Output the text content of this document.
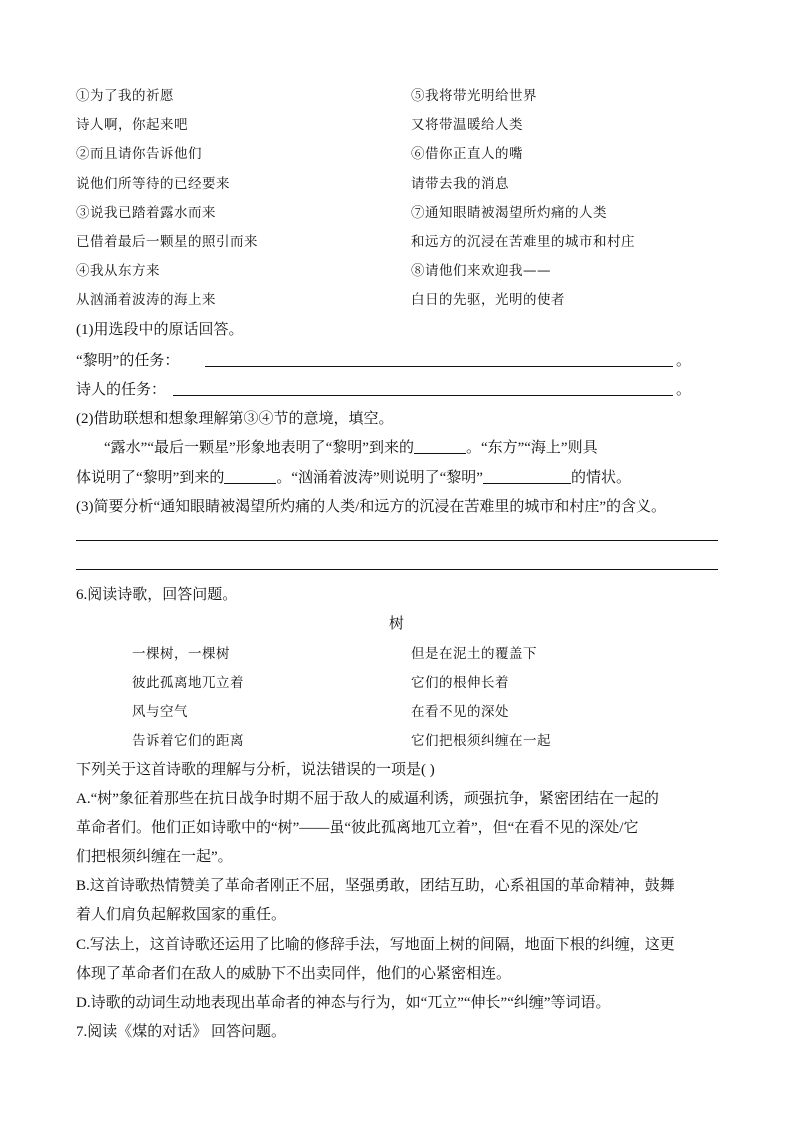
①为了我的祈愿
诗人啊，你起来吧
②而且请你告诉他们
说他们所等待的已经要来
③说我已踏着露水而来
已借着最后一颗星的照引而来
④我从东方来
从汹涌着波涛的海上来
⑤我将带光明给世界
又将带温暖给人类
⑥借你正直人的嘴
请带去我的消息
⑦通知眼睛被渴望所灼痛的人类
和远方的沉浸在苦难里的城市和村庄
⑧请他们来欢迎我——
白日的先驱，光明的使者
(1)用选段中的原话回答。
“黎明”的任务：	。
诗人的任务：	。
(2)借助联想和想象理解第③④节的意境，填空。
“露水”“最后一颗星”形象地表明了“黎明”到来的	。“东方”“海上”则具
体说明了“黎明”到来的	。“汹涌着波涛”则说明了“黎明”	的情状。
(3)简要分析“通知眼睛被渴望所灼痛的人类/和远方的沉浸在苦难里的城市和村庄”的含义。
6.阅读诗歌，回答问题。
树
一棵树，一棵树
彼此孤离地兀立着
风与空气
告诉着它们的距离
但是在泥土的覆盖下
它们的根伸长着
在看不见的深处
它们把根须纠缠在一起
下列关于这首诗歌的理解与分析，说法错误的一项是( )
A.“树”象征着那些在抗日战争时期不屈于敌人的威逼利诱，顽强抗争，紧密团结在一起的
革命者们。他们正如诗歌中的“树”——虽“彼此孤离地兀立着”，但“在看不见的深处/它
们把根须纠缠在一起”。
B.这首诗歌热情赞美了革命者刚正不屈，坚强勇敢，团结互助，心系祖国的革命精神，鼓舞
着人们肩负起解救国家的重任。
C.写法上，这首诗歌还运用了比喻的修辞手法，写地面上树的间隔，地面下根的纠缠，这更
体现了革命者们在敌人的威胁下不出卖同伴，他们的心紧密相连。
D.诗歌的动词生动地表现出革命者的神态与行为，如“兀立”“伸长”“纠缠”等词语。
7.阅读《煤的对话》 回答问题。
